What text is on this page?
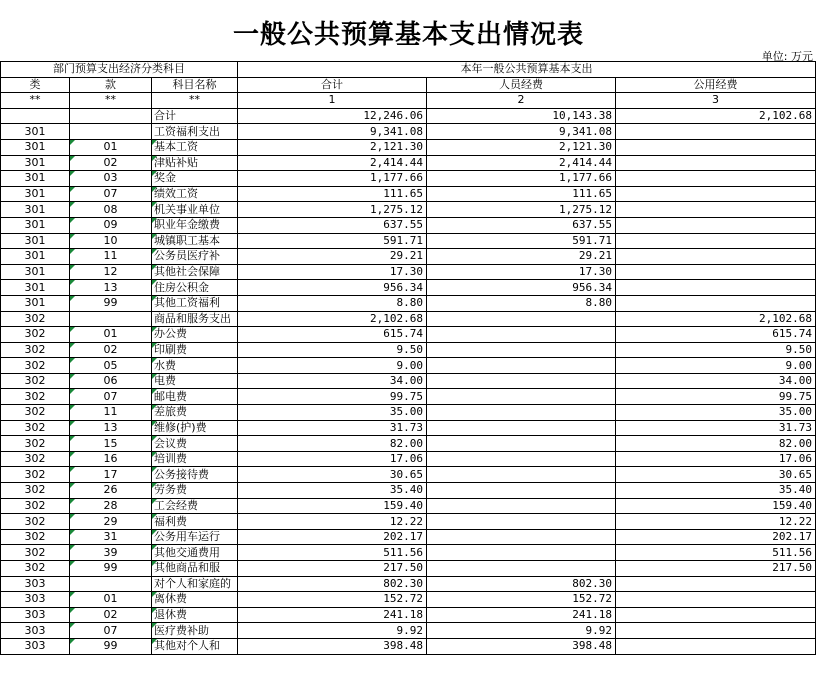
一般公共预算基本支出情况表
单位: 万元
部门预算支出经济分类科目			本年一般公共预算基本支出		
类	款	科目名称	合计	人员经费	公用经费
**	**	**	1	2	3
		合计	12,246.06	10,143.38	2,102.68
301		工资福利支出	9,341.08	9,341.08	
301	01	基本工资	2,121.30	2,121.30	
301	02	津贴补贴	2,414.44	2,414.44	
301	03	奖金	1,177.66	1,177.66	
301	07	绩效工资	111.65	111.65	
301	08	机关事业单位	1,275.12	1,275.12	
301	09	职业年金缴费	637.55	637.55	
301	10	城镇职工基本	591.71	591.71	
301	11	公务员医疗补	29.21	29.21	
301	12	其他社会保障	17.30	17.30	
301	13	住房公积金	956.34	956.34	
301	99	其他工资福利	8.80	8.80	
302		商品和服务支出	2,102.68		2,102.68
302	01	办公费	615.74		615.74
302	02	印刷费	9.50		9.50
302	05	水费	9.00		9.00
302	06	电费	34.00		34.00
302	07	邮电费	99.75		99.75
302	11	差旅费	35.00		35.00
302	13	维修(护)费	31.73		31.73
302	15	会议费	82.00		82.00
302	16	培训费	17.06		17.06
302	17	公务接待费	30.65		30.65
302	26	劳务费	35.40		35.40
302	28	工会经费	159.40		159.40
302	29	福利费	12.22		12.22
302	31	公务用车运行	202.17		202.17
302	39	其他交通费用	511.56		511.56
302	99	其他商品和服	217.50		217.50
303		对个人和家庭的	802.30	802.30	
303	01	离休费	152.72	152.72	
303	02	退休费	241.18	241.18	
303	07	医疗费补助	9.92	9.92	
303	99	其他对个人和	398.48	398.48	
